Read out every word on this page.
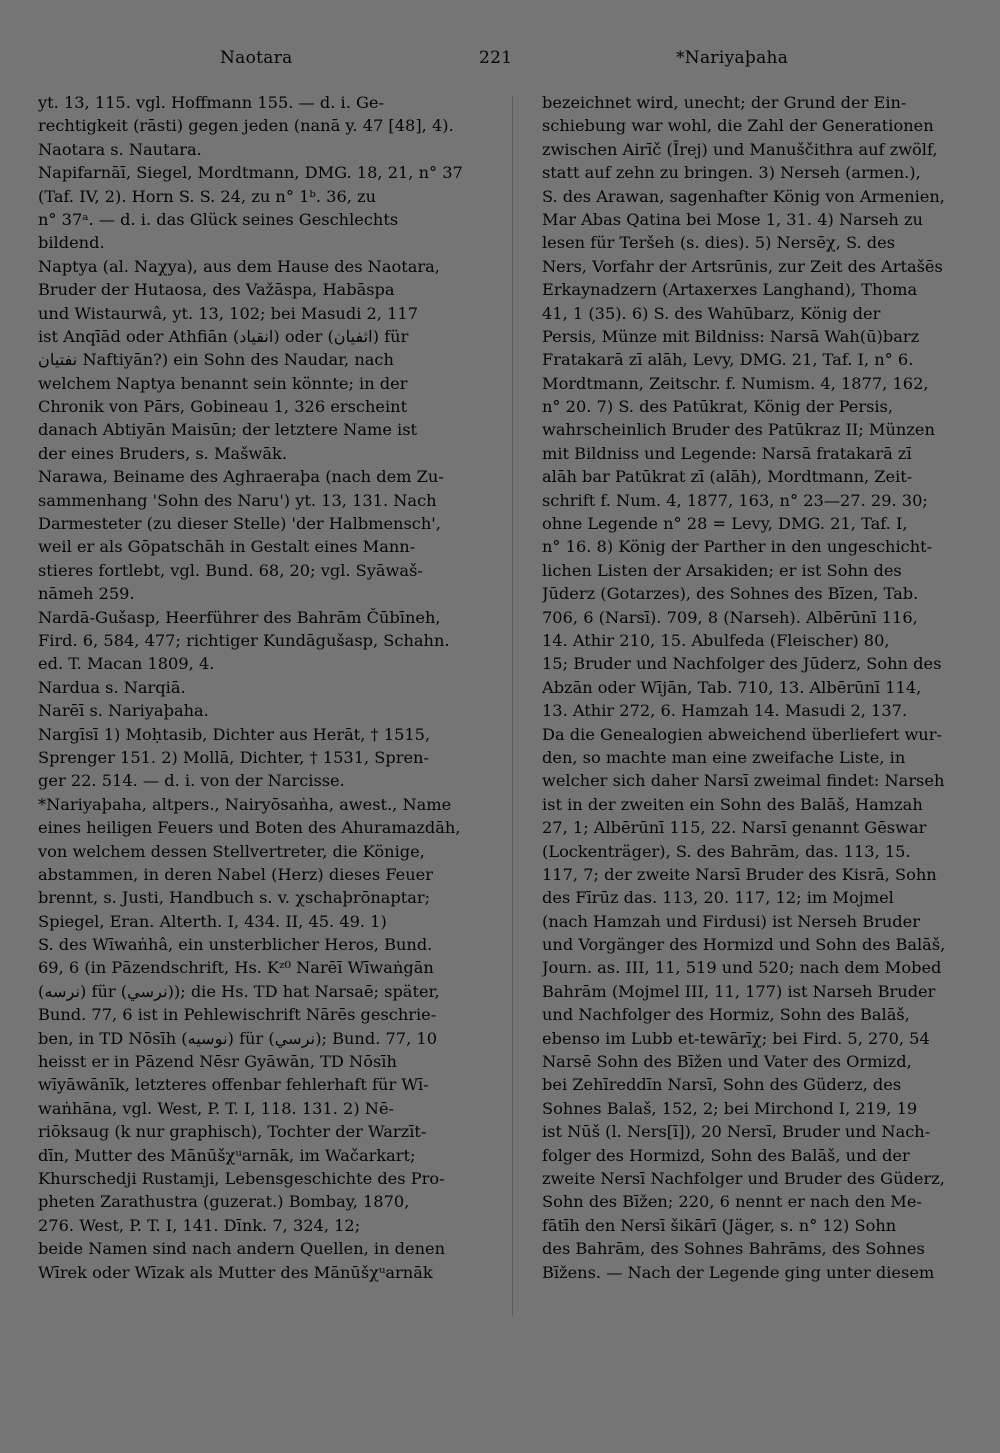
Naotara	221	*Nariyaþaha
yt. 13, 115. vgl. Hoffmann 155. — d. i. Ge-
rechtigkeit (rāsti) gegen jeden (nanā y. 47 [48], 4).
Naotara s. Nautara.
Napifarnāī, Siegel, Mordtmann, DMG. 18, 21, n° 37
(Taf. IV, 2). Horn S. S. 24, zu n° 1ᵇ. 36, zu
n° 37ᵃ. — d. i. das Glück seines Geschlechts
bildend.
Naptya (al. Naχya), aus dem Hause des Naotara,
Bruder der Hutaosa, des Važāspa, Habāspa
und Wistaurwâ, yt. 13, 102; bei Masudi 2, 117
ist Anqīād oder Athfiān (انقياد) oder (اثفيان) für
نفتيان Naftiyān?) ein Sohn des Naudar, nach
welchem Naptya benannt sein könnte; in der
Chronik von Pārs, Gobineau 1, 326 erscheint
danach Abtiyān Maisūn; der letztere Name ist
der eines Bruders, s. Mašwāk.
Narawa, Beiname des Aghraeraþa (nach dem Zu-
sammenhang 'Sohn des Naru') yt. 13, 131. Nach
Darmesteter (zu dieser Stelle) 'der Halbmensch',
weil er als Gōpatschāh in Gestalt eines Mann-
stieres fortlebt, vgl. Bund. 68, 20; vgl. Syāwaš-
nāmeh 259.
Nardā-Gušasp, Heerführer des Bahrām Čūbīneh,
Fird. 6, 584, 477; richtiger Kundāgušasp, Schahn.
ed. T. Macan 1809, 4.
Nardua s. Narqiā.
Narēī s. Nariyaþaha.
Nargīsī 1) Moḥtasib, Dichter aus Herāt, † 1515,
Sprenger 151. 2) Mollā, Dichter, † 1531, Spren-
ger 22. 514. — d. i. von der Narcisse.
*Nariyaþaha, altpers., Nairyōsaṅha, awest., Name
eines heiligen Feuers und Boten des Ahuramazdāh,
von welchem dessen Stellvertreter, die Könige,
abstammen, in deren Nabel (Herz) dieses Feuer
brennt, s. Justi, Handbuch s. v. χschaþrōnaptar;
Spiegel, Eran. Alterth. I, 434. II, 45. 49. 1)
S. des Wīwaṅhâ, ein unsterblicher Heros, Bund.
69, 6 (in Pāzendschrift, Hs. Kᶻ⁰ Narēī Wīwaṅgān
(نرسه) für (نرسي)); die Hs. TD hat Narsaē; später,
Bund. 77, 6 ist in Pehlewischrift Nārēs geschrie-
ben, in TD Nōsīh (نوسيه) für (نرسي); Bund. 77, 10
heisst er in Pāzend Nēsr Gyāwān, TD Nōsīh
wīyāwānīk, letzteres offenbar fehlerhaft für Wī-
waṅhāna, vgl. West, P. T. I, 118. 131. 2) Nē-
riōksaug (k nur graphisch), Tochter der Warzīt-
dīn, Mutter des Mānūšχᵘarnāk, im Wačarkart;
Khurschedji Rustamji, Lebensgeschichte des Pro-
pheten Zarathustra (guzerat.) Bombay, 1870,
276. West, P. T. I, 141. Dīnk. 7, 324, 12;
beide Namen sind nach andern Quellen, in denen
Wīrek oder Wīzak als Mutter des Mānūšχᵘarnāk
bezeichnet wird, unecht; der Grund der Ein-
schiebung war wohl, die Zahl der Generationen
zwischen Airīč (Īrej) und Manuščithra auf zwölf,
statt auf zehn zu bringen. 3) Nerseh (armen.),
S. des Arawan, sagenhafter König von Armenien,
Mar Abas Qatina bei Mose 1, 31. 4) Narseh zu
lesen für Teršeh (s. dies). 5) Nersēχ, S. des
Ners, Vorfahr der Artsrūnis, zur Zeit des Artašēs
Erkaynadzern (Artaxerxes Langhand), Thoma
41, 1 (35). 6) S. des Wahūbarz, König der
Persis, Münze mit Bildniss: Narsā Wah(ū)barz
Fratakarā zī alāh, Levy, DMG. 21, Taf. I, n° 6.
Mordtmann, Zeitschr. f. Numism. 4, 1877, 162,
n° 20. 7) S. des Patūkrat, König der Persis,
wahrscheinlich Bruder des Patūkraz II; Münzen
mit Bildniss und Legende: Narsā fratakarā zī
alāh bar Patūkrat zī (alāh), Mordtmann, Zeit-
schrift f. Num. 4, 1877, 163, n° 23—27. 29. 30;
ohne Legende n° 28 = Levy, DMG. 21, Taf. I,
n° 16. 8) König der Parther in den ungeschicht-
lichen Listen der Arsakiden; er ist Sohn des
Jūderz (Gotarzes), des Sohnes des Bīzen, Tab.
706, 6 (Narsī). 709, 8 (Narseh). Albērūnī 116,
14. Athir 210, 15. Abulfeda (Fleischer) 80,
15; Bruder und Nachfolger des Jūderz, Sohn des
Abzān oder Wījān, Tab. 710, 13. Albērūnī 114,
13. Athir 272, 6. Hamzah 14. Masudi 2, 137.
Da die Genealogien abweichend überliefert wur-
den, so machte man eine zweifache Liste, in
welcher sich daher Narsī zweimal findet: Narseh
ist in der zweiten ein Sohn des Balāš, Hamzah
27, 1; Albērūnī 115, 22. Narsī genannt Gēswar
(Lockenträger), S. des Bahrām, das. 113, 15.
117, 7; der zweite Narsī Bruder des Kisrā, Sohn
des Fīrūz das. 113, 20. 117, 12; im Mojmel
(nach Hamzah und Firdusi) ist Nerseh Bruder
und Vorgänger des Hormizd und Sohn des Balāš,
Journ. as. III, 11, 519 und 520; nach dem Mobed
Bahrām (Mojmel III, 11, 177) ist Narseh Bruder
und Nachfolger des Hormiz, Sohn des Balāš,
ebenso im Lubb et-tewārīχ; bei Fird. 5, 270, 54
Narsē Sohn des Bīžen und Vater des Ormizd,
bei Zehīreddīn Narsī, Sohn des Güderz, des
Sohnes Balaš, 152, 2; bei Mirchond I, 219, 19
ist Nūš (l. Ners[ī]), 20 Nersī, Bruder und Nach-
folger des Hormizd, Sohn des Balāš, und der
zweite Nersī Nachfolger und Bruder des Güderz,
Sohn des Bīžen; 220, 6 nennt er nach den Me-
fātīh den Nersī šikārī (Jäger, s. n° 12) Sohn
des Bahrām, des Sohnes Bahrāms, des Sohnes
Bīžens. — Nach der Legende ging unter diesem
